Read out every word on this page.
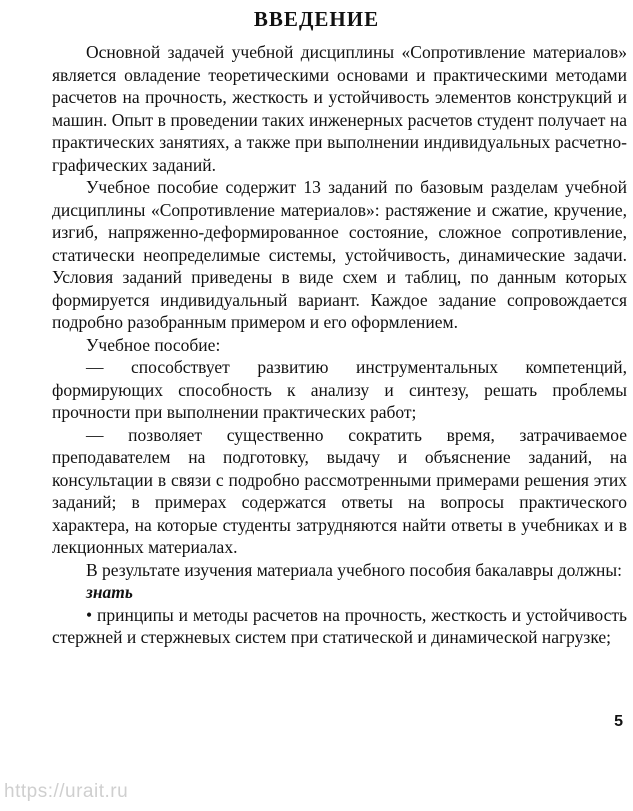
ВВЕДЕНИЕ

Основной задачей учебной дисциплины «Сопротивление материалов» является овладение теоретическими основами и практическими методами расчетов на прочность, жесткость и устойчивость элементов конструкций и машин. Опыт в проведении таких инженерных расчетов студент получает на практических занятиях, а также при выполнении индивидуальных расчетно-графических заданий.

Учебное пособие содержит 13 заданий по базовым разделам учебной дисциплины «Сопротивление материалов»: растяжение и сжатие, кручение, изгиб, напряженно-деформированное состояние, сложное сопротивление, статически неопределимые системы, устойчивость, динамические задачи. Условия заданий приведены в виде схем и таблиц, по данным которых формируется индивидуальный вариант. Каждое задание сопровождается подробно разобранным примером и его оформлением.

Учебное пособие:

— способствует развитию инструментальных компетенций, формирующих способность к анализу и синтезу, решать проблемы прочности при выполнении практических работ;

— позволяет существенно сократить время, затрачиваемое преподавателем на подготовку, выдачу и объяснение заданий, на консультации в связи с подробно рассмотренными примерами решения этих заданий; в примерах содержатся ответы на вопросы практического характера, на которые студенты затрудняются найти ответы в учебниках и в лекционных материалах.

В результате изучения материала учебного пособия бакалавры должны:

знать

• принципы и методы расчетов на прочность, жесткость и устойчивость стержней и стержневых систем при статической и динамической нагрузке;

5
https://urait.ru
